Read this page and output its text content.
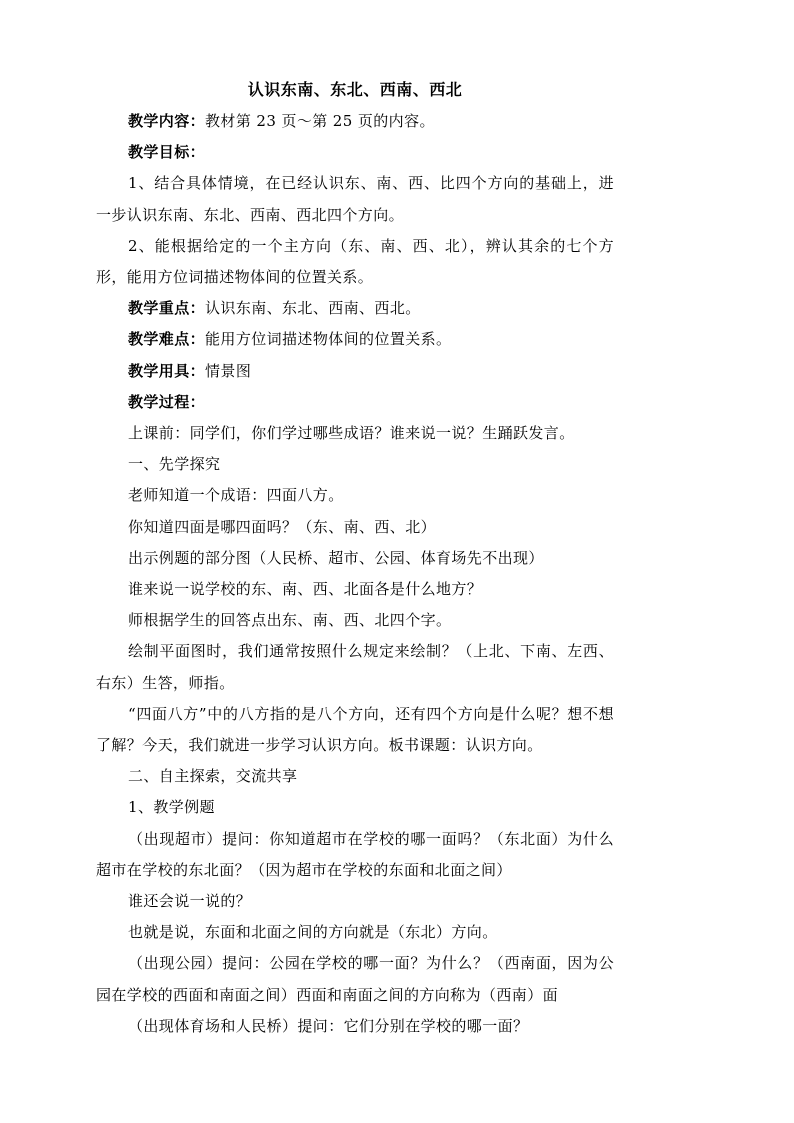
认识东南、东北、西南、西北

教学内容：教材第 23 页～第 25 页的内容。

教学目标：

1、结合具体情境，在已经认识东、南、西、比四个方向的基础上，进一步认识东南、东北、西南、西北四个方向。

2、能根据给定的一个主方向（东、南、西、北），辨认其余的七个方形，能用方位词描述物体间的位置关系。

教学重点：认识东南、东北、西南、西北。

教学难点：能用方位词描述物体间的位置关系。

教学用具：情景图

教学过程：

上课前：同学们，你们学过哪些成语？谁来说一说？生踊跃发言。

一、先学探究

老师知道一个成语：四面八方。

你知道四面是哪四面吗？（东、南、西、北）

出示例题的部分图（人民桥、超市、公园、体育场先不出现）

谁来说一说学校的东、南、西、北面各是什么地方？

师根据学生的回答点出东、南、西、北四个字。

绘制平面图时，我们通常按照什么规定来绘制？（上北、下南、左西、右东）生答，师指。

“四面八方”中的八方指的是八个方向，还有四个方向是什么呢？想不想了解？今天，我们就进一步学习认识方向。板书课题：认识方向。

二、自主探索，交流共享

1、教学例题

（出现超市）提问：你知道超市在学校的哪一面吗？（东北面）为什么超市在学校的东北面？（因为超市在学校的东面和北面之间）

谁还会说一说的？

也就是说，东面和北面之间的方向就是（东北）方向。

（出现公园）提问：公园在学校的哪一面？为什么？（西南面，因为公园在学校的西面和南面之间）西面和南面之间的方向称为（西南）面

（出现体育场和人民桥）提问：它们分别在学校的哪一面？
